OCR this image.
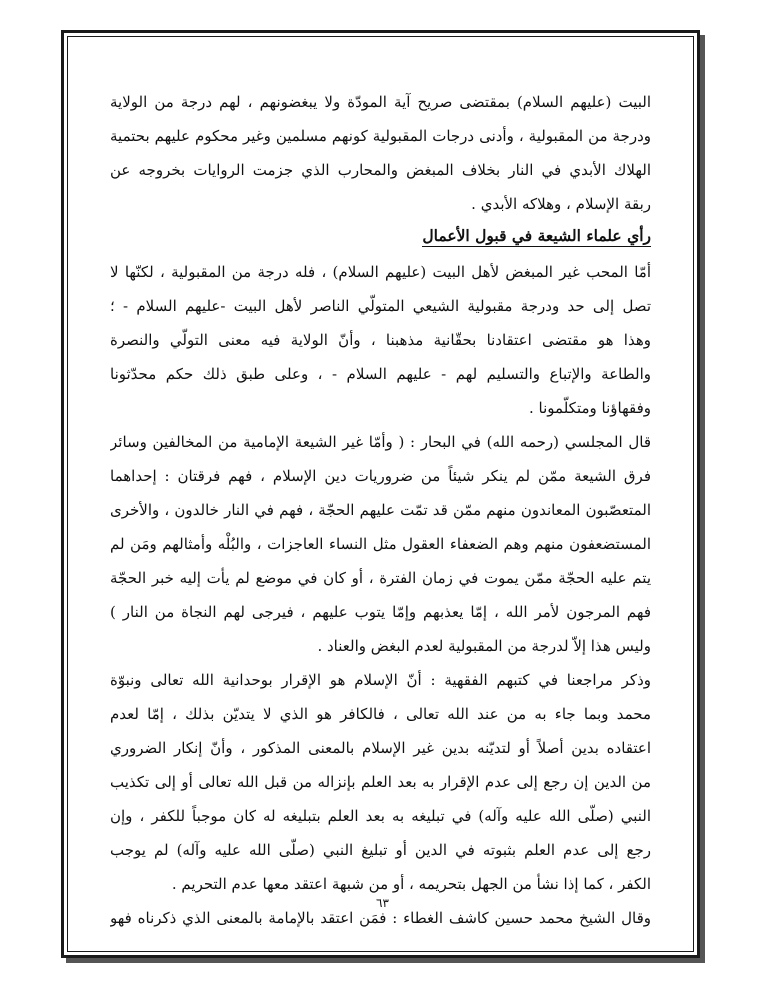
البيت (عليهم السلام) بمقتضى صريح آية المودّة ولا يبغضونهم ، لهم درجة من الولاية
ودرجة من المقبولية ، وأدنى درجات المقبولية كونهم مسلمين وغير محكوم عليهم بحتمية
الهلاك الأبدي في النار بخلاف المبغض والمحارب الذي جزمت الروايات بخروجه عن
ربقة الإسلام ، وهلاكه الأبدي .
رأي علماء الشيعة في قبول الأعمال
أمّا المحب غير المبغض لأهل البيت (عليهم السلام) ، فله درجة من المقبولية ، لكنّها لا
تصل إلى حد ودرجة مقبولية الشيعي المتولّي الناصر لأهل البيت -عليهم السلام - ؛
وهذا هو مقتضى اعتقادنا بحقّانية مذهبنا ، وأنّ الولاية فيه معنى التولّي والنصرة
والطاعة والإتباع والتسليم لهم - عليهم السلام - ، وعلى طبق ذلك حكم محدّثونا
وفقهاؤنا ومتكلّمونا .
قال المجلسي (رحمه الله) في البحار : ( وأمّا غير الشيعة الإمامية من المخالفين وسائر
فرق الشيعة ممّن لم ينكر شيئاً من ضروريات دين الإسلام ، فهم فرقتان : إحداهما
المتعصّبون المعاندون منهم ممّن قد تمّت عليهم الحجّة ، فهم في النار خالدون ، والأخرى
المستضعفون منهم وهم الضعفاء العقول مثل النساء العاجزات ، والبُلْه وأمثالهم ومَن لم
يتم عليه الحجّة ممّن يموت في زمان الفترة ، أو كان في موضع لم يأت إليه خبر الحجّة
فهم المرجون لأمر الله ، إمّا يعذبهم وإمّا يتوب عليهم ، فيرجى لهم النجاة من النار )
وليس هذا إلاّ لدرجة من المقبولية لعدم البغض والعناد .
وذكر مراجعنا في كتبهم الفقهية : أنّ الإسلام هو الإقرار بوحدانية الله تعالى ونبوّة
محمد وبما جاء به من عند الله تعالى ، فالكافر هو الذي لا يتديّن بذلك ، إمّا لعدم
اعتقاده بدين أصلاً أو لتديّنه بدين غير الإسلام بالمعنى المذكور ، وأنّ إنكار الضروري
من الدين إن رجع إلى عدم الإقرار به بعد العلم بإنزاله من قبل الله تعالى أو إلى تكذيب
النبي (صلّى الله عليه وآله) في تبليغه به بعد العلم بتبليغه له كان موجباً للكفر ، وإن
رجع إلى عدم العلم بثبوته في الدين أو تبليغ النبي (صلّى الله عليه وآله) لم يوجب
الكفر ، كما إذا نشأ من الجهل بتحريمه ، أو من شبهة اعتقد معها عدم التحريم .
وقال الشيخ محمد حسين كاشف الغطاء : فمَن اعتقد بالإمامة بالمعنى الذي ذكرناه فهو
٦٣
